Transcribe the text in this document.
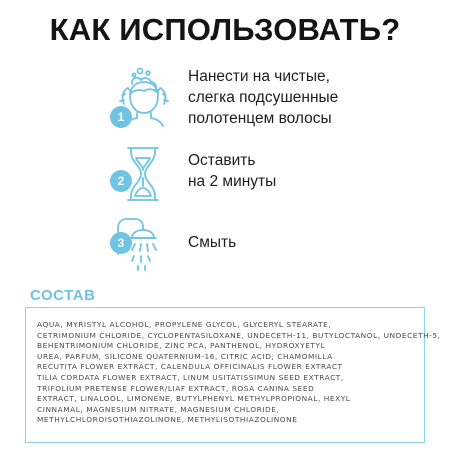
КАК ИСПОЛЬЗОВАТЬ?
1
Нанести на чистые,
слегка подсушенные
полотенцем волосы
2
Оставить
на 2 минуты
3	Смыть
СОСТАВ
AQUA, MYRISTYL ALCOHOL, PROPYLENE GLYCOL, GLYCERYL STEARATE,
CETRIMONIUM CHLORIDE, CYCLOPENTASILOXANE, UNDECETH-11, BUTYLOCTANOL, UNDECETH-5,
BEHENTRIMONIUM CHLORIDE, ZINC PCA, PANTHENOL, HYDROXYETYL
UREA, PARFUM, SILICONE QUATERNIUM-16, CITRIC ACID, CHAMOMILLA
RECUTITA FLOWER EXTRACT, CALENDULA OFFICINALIS FLOWER EXTRACT
TILIA CORDATA FLOWER EXTRACT, LINUM USITATISSIMUN SEED EXTRACT,
TRIFOLIUM PRETENSE FLOWER/LIAF EXTRACT, ROSA CANINA SEED
EXTRACT, LINALOOL, LIMONENE, BUTYLPHENYL METHYLPROPIONAL, HEXYL
CINNAMAL, MAGNESIUM NITRATE, MAGNESIUM CHLORIDE,
METHYLCHLOROISOTHIAZOLINONE, METHYLISOTHIAZOLINONE
